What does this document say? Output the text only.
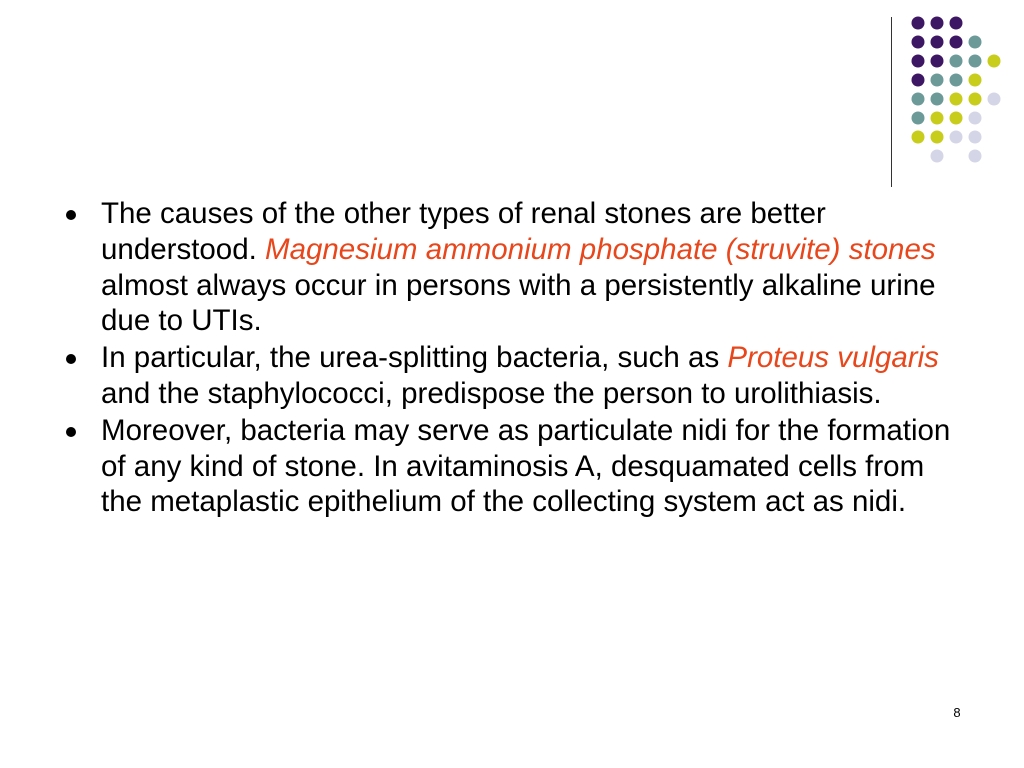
The causes of the other types of renal stones are better understood. Magnesium ammonium phosphate (struvite) stones almost always occur in persons with a persistently alkaline urine due to UTIs.
In particular, the urea-splitting bacteria, such as Proteus vulgaris and the staphylococci, predispose the person to urolithiasis.
Moreover, bacteria may serve as particulate nidi for the formation of any kind of stone. In avitaminosis A, desquamated cells from the metaplastic epithelium of the collecting system act as nidi.
8
